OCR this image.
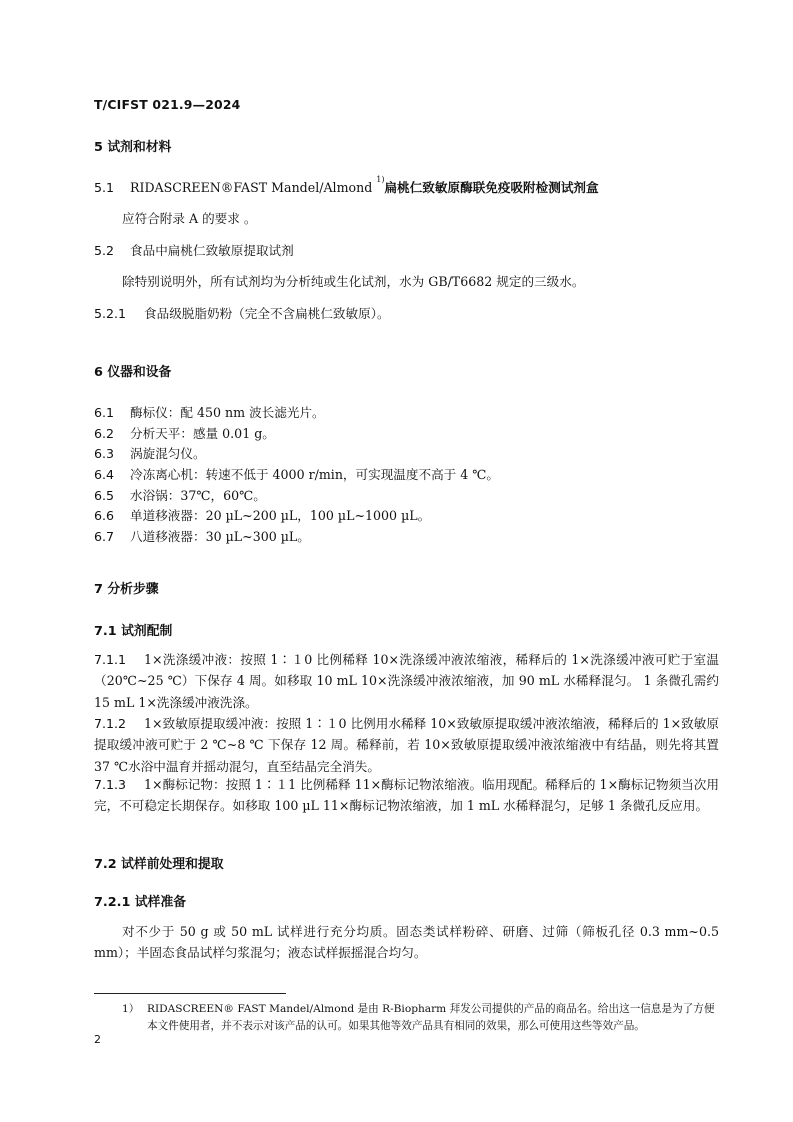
T/CIFST 021.9—2024
5 试剂和材料
5.1 RIDASCREEN®FAST Mandel/Almond $^{1)}$扁桃仁致敏原酶联免疫吸附检测试剂盒
应符合附录 A 的要求 。
5.2 食品中扁桃仁致敏原提取试剂
除特别说明外，所有试剂均为分析纯或生化试剂，水为 GB/T6682 规定的三级水。
5.2.1 食品级脱脂奶粉（完全不含扁桃仁致敏原）。
6 仪器和设备
6.1 酶标仪：配 450 nm 波长滤光片。
6.2 分析天平：感量 0.01 g。
6.3 涡旋混匀仪。
6.4 冷冻离心机：转速不低于 4000 r/min，可实现温度不高于 4 ℃。
6.5 水浴锅：37℃，60℃。
6.6 单道移液器：20 µL~200 µL，100 µL~1000 µL。
6.7 八道移液器：30 µL~300 µL。
7 分析步骤
7.1 试剂配制
7.1.1 1×洗涤缓冲液：按照 1∶１0 比例稀释 10×洗涤缓冲液浓缩液，稀释后的 1×洗涤缓冲液可贮于室温（20℃~25 ℃）下保存 4 周。如移取 10 mL 10×洗涤缓冲液浓缩液，加 90 mL 水稀释混匀。 1 条微孔需约 15 mL 1×洗涤缓冲液洗涤。
7.1.2 1×致敏原提取缓冲液：按照 1∶１0 比例用水稀释 10×致敏原提取缓冲液浓缩液，稀释后的 1×致敏原提取缓冲液可贮于 2 ℃~8 ℃ 下保存 12 周。稀释前，若 10×致敏原提取缓冲液浓缩液中有结晶，则先将其置 37 ℃水浴中温育并摇动混匀，直至结晶完全消失。
7.1.3 1×酶标记物：按照 1∶１1 比例稀释 11×酶标记物浓缩液。临用现配。稀释后的 1×酶标记物须当次用完，不可稳定长期保存。如移取 100 µL 11×酶标记物浓缩液，加 1 mL 水稀释混匀，足够 1 条微孔反应用。
7.2 试样前处理和提取
7.2.1 试样准备
对不少于 50 g 或 50 mL 试样进行充分均质。固态类试样粉碎、研磨、过筛（筛板孔径 0.3 mm~0.5 mm）；半固态食品试样匀浆混匀；液态试样振摇混合均匀。
1） RIDASCREEN® FAST Mandel/Almond 是由 R-Biopharm 拜发公司提供的产品的商品名。给出这一信息是为了方便本文件使用者，并不表示对该产品的认可。如果其他等效产品具有相同的效果，那么可使用这些等效产品。
2
